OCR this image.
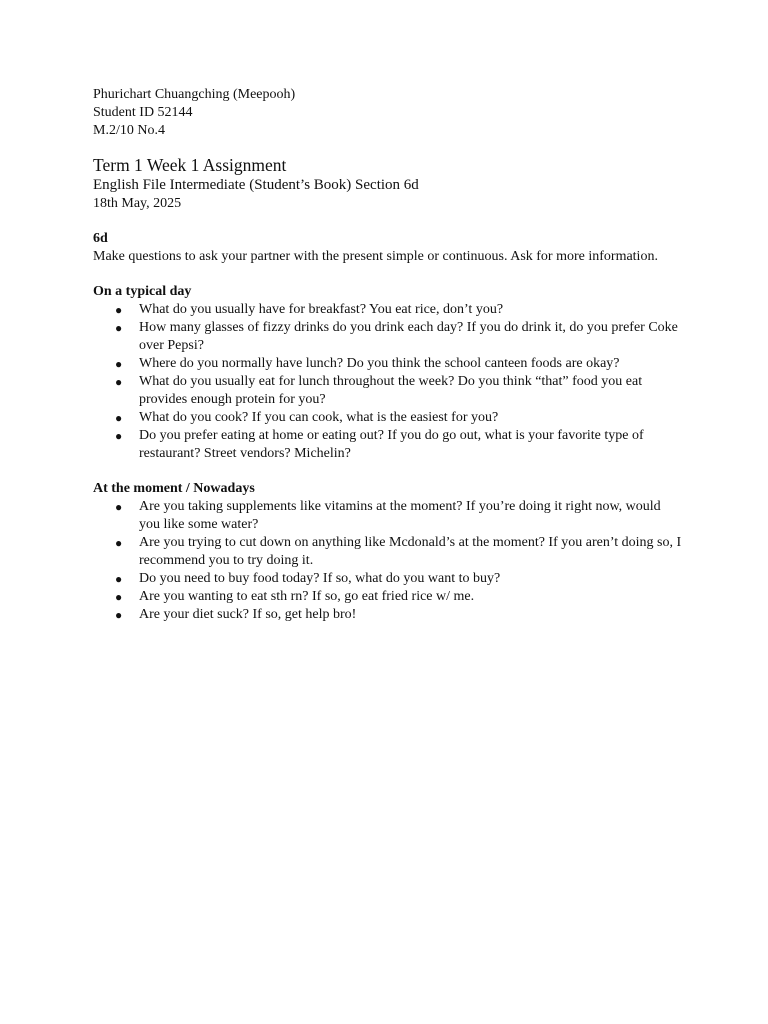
Phurichart Chuangching (Meepooh)
Student ID 52144
M.2/10 No.4
Term 1 Week 1 Assignment
English File Intermediate (Student’s Book) Section 6d
18th May, 2025
6d
Make questions to ask your partner with the present simple or continuous. Ask for more information.
On a typical day
● What do you usually have for breakfast? You eat rice, don’t you?
● How many glasses of fizzy drinks do you drink each day? If you do drink it, do you prefer Coke over Pepsi?
● Where do you normally have lunch? Do you think the school canteen foods are okay?
● What do you usually eat for lunch throughout the week? Do you think “that” food you eat provides enough protein for you?
● What do you cook? If you can cook, what is the easiest for you?
● Do you prefer eating at home or eating out? If you do go out, what is your favorite type of restaurant? Street vendors? Michelin?
At the moment / Nowadays
● Are you taking supplements like vitamins at the moment? If you’re doing it right now, would you like some water?
● Are you trying to cut down on anything like Mcdonald’s at the moment? If you aren’t doing so, I recommend you to try doing it.
● Do you need to buy food today? If so, what do you want to buy?
● Are you wanting to eat sth rn? If so, go eat fried rice w/ me.
● Are your diet suck? If so, get help bro!
